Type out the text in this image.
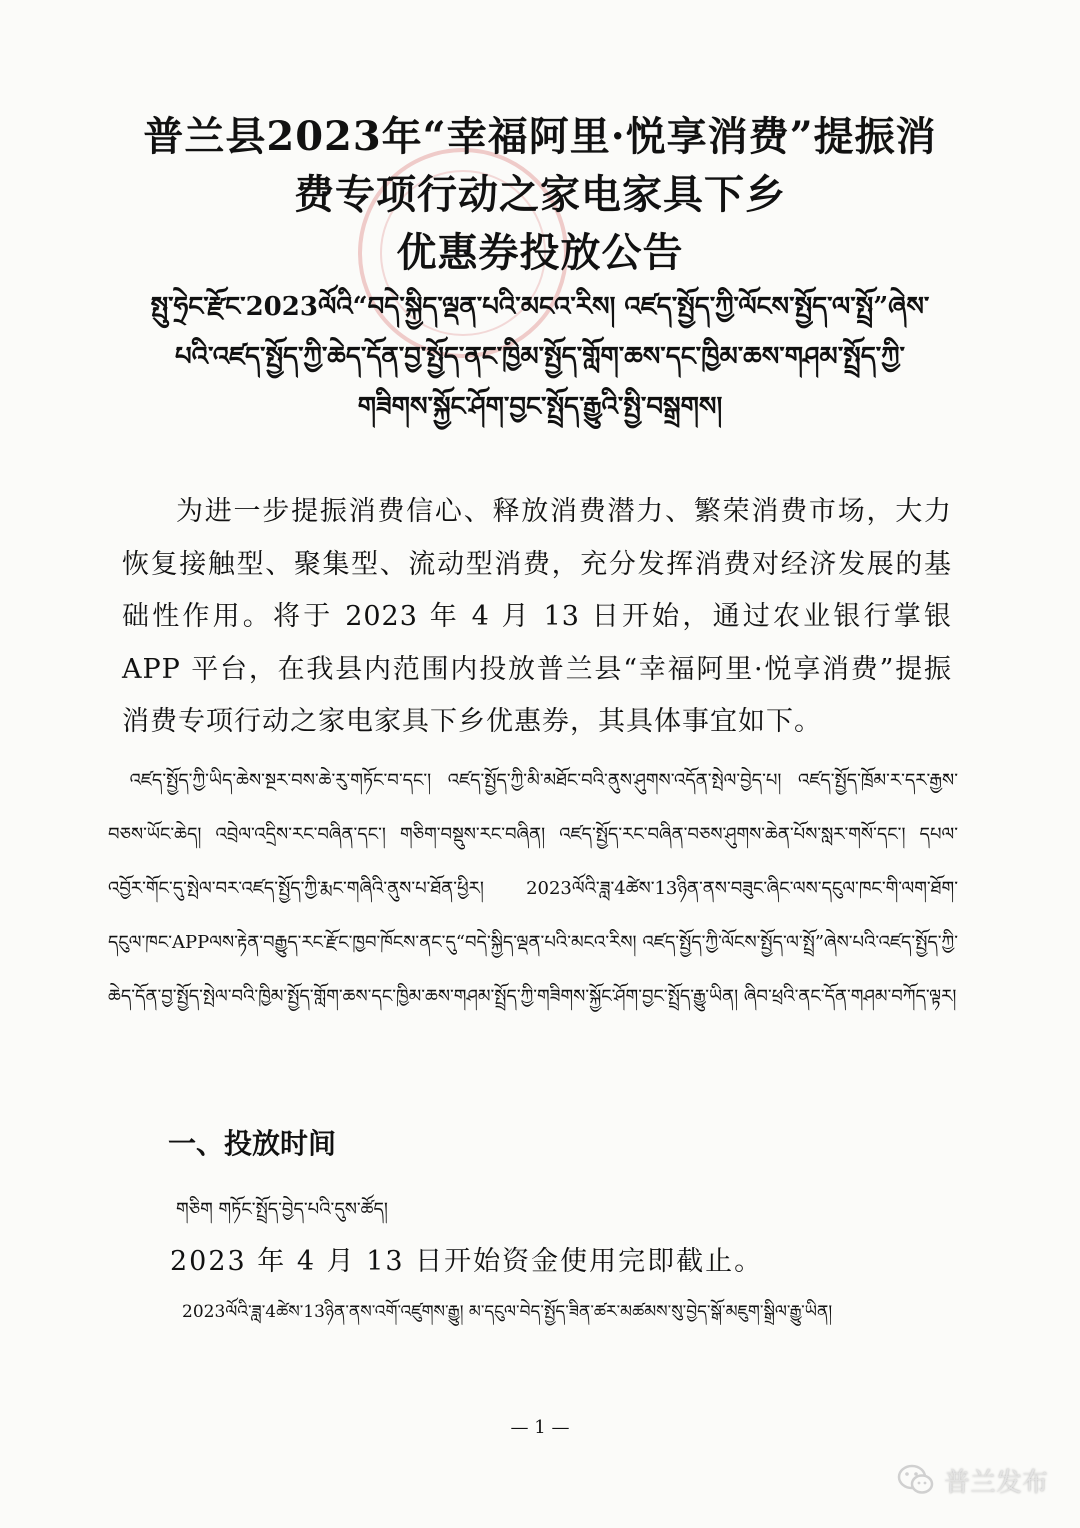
普兰县2023年“幸福阿里·悦享消费”提振消
费专项行动之家电家具下乡
优惠券投放公告
སྤུ་ཧྲེང་རྫོང་2023ལོའི“བདེ་སྐྱིད་ལྡན་པའི་མངའ་རིས། འཛད་སྤྱོད་ཀྱི་ལོངས་སྤྱོད་ལ་སྤྲོ”ཞེས་
པའི་འཛད་སྤྱོད་ཀྱི་ཆེད་དོན་བྱ་སྤྱོད་ནང་ཁྱིམ་སྤྱོད་གློག་ཆས་དང་ཁྱིམ་ཆས་གཤམ་སྤྲོད་ཀྱི་
གཟིགས་སྐྱོང་ཤོག་བྱང་སྤྲོད་རྒྱུའི་སྤྱི་བསྒྲགས།

为进一步提振消费信心、释放消费潜力、繁荣消费市场，大力恢复接触型、聚集型、流动型消费，充分发挥消费对经济发展的基础性作用。将于 2023 年 4 月 13 日开始，通过农业银行掌银APP 平台，在我县内范围内投放普兰县“幸福阿里·悦享消费”提振消费专项行动之家电家具下乡优惠券，其具体事宜如下。

འཛད་སྤྱོད་ཀྱི་ཡིད་ཆེས་སྔར་བས་ཆེ་རུ་གཏོང་བ་དང་། འཛད་སྤྱོད་ཀྱི་མི་མཐོང་བའི་ནུས་ཤུགས་འདོན་སྤེལ་བྱེད་པ། འཛད་སྤྱོད་ཁྲོམ་ར་དར་རྒྱས་བཅས་ཡོང་ཆེད། འབྲེལ་འདྲིས་རང་བཞིན་དང་། གཅིག་བསྡུས་རང་བཞིན། འཛད་སྤྱོད་རང་བཞིན་བཅས་ཤུགས་ཆེན་པོས་སླར་གསོ་དང་། དཔལ་འབྱོར་གོང་དུ་སྤེལ་བར་འཛད་སྤྱོད་ཀྱི་རྨང་གཞིའི་ནུས་པ་ཐོན་ཕྱིར། 2023ལོའི་ཟླ་4ཚེས་13ཉིན་ནས་བཟུང་ཞིང་ལས་དངུལ་ཁང་གི་ལག་ཐོག་དངུལ་ཁང་APPལས་རྟེན་བརྒྱུད་རང་རྫོང་ཁྱབ་ཁོངས་ནང་དུ“བདེ་སྐྱིད་ལྡན་པའི་མངའ་རིས། འཛད་སྤྱོད་ཀྱི་ལོངས་སྤྱོད་ལ་སྤྲོ”ཞེས་པའི་འཛད་སྤྱོད་ཀྱི་ཆེད་དོན་བྱ་སྤྱོད་སྤེལ་བའི་ཁྱིམ་སྤྱོད་གློག་ཆས་དང་ཁྱིམ་ཆས་གཤམ་སྤྲོད་ཀྱི་གཟིགས་སྐྱོང་ཤོག་བྱང་སྤྲོད་རྒྱུ་ཡིན། ཞིབ་ཕྲའི་ནང་དོན་གཤམ་བཀོད་ལྟར།

一、投放时间
གཅིག གཏོང་སྤྲོད་བྱེད་པའི་དུས་ཚོད།
2023 年 4 月 13 日开始资金使用完即截止。
2023ལོའི་ཟླ་4ཚེས་13ཉིན་ནས་འགོ་འཛུགས་རྒྱུ། མ་དངུལ་བེད་སྤྱོད་ཟིན་ཚར་མཚམས་སུ་བྱེད་སྒོ་མཇུག་སྒྲིལ་རྒྱུ་ཡིན།
— 1 —
普兰发布
